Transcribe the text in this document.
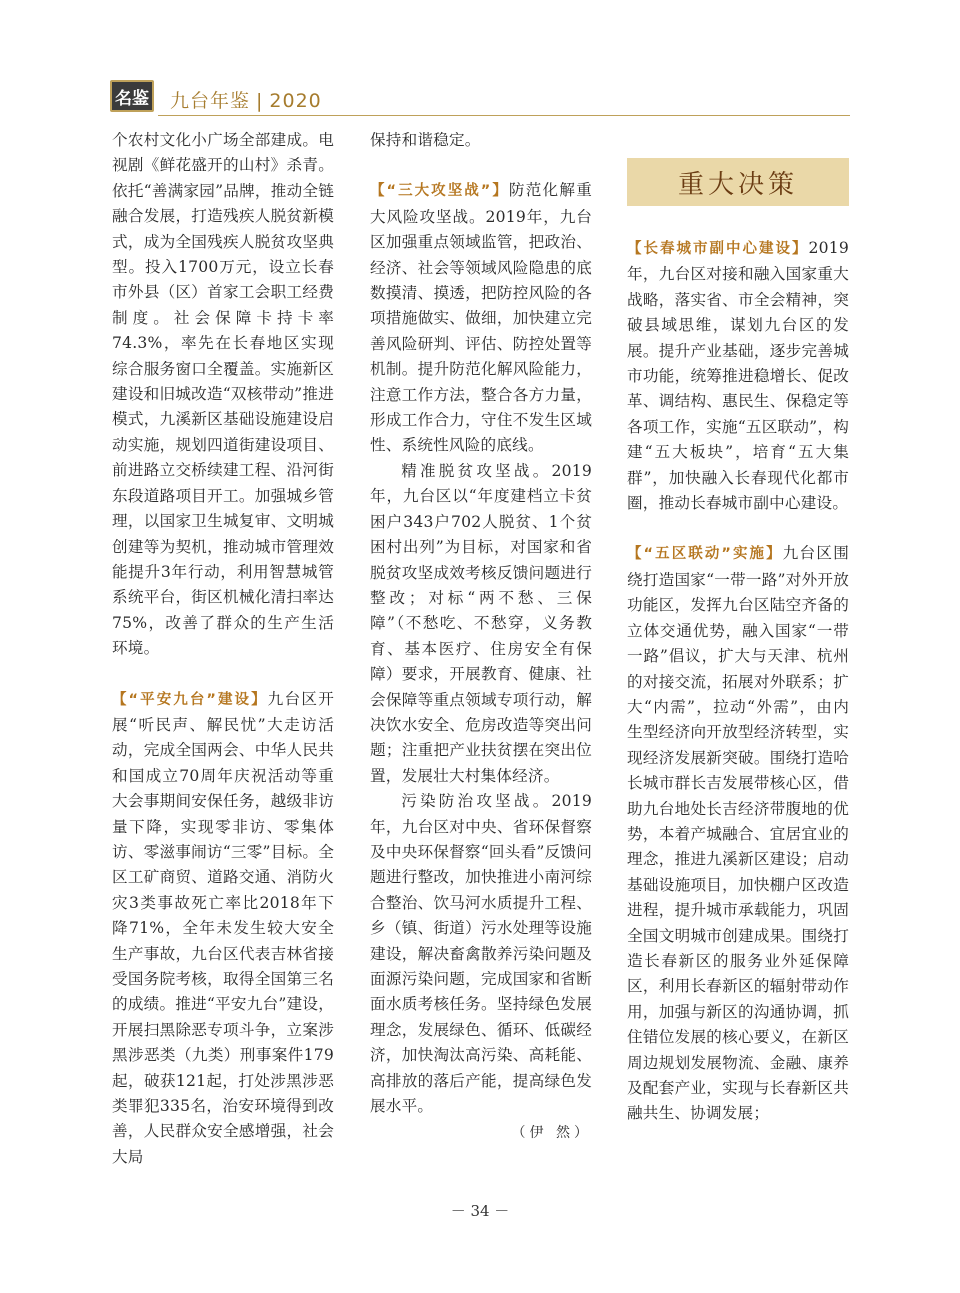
名鉴 九台年鉴 | 2020

个农村文化小广场全部建成。电视剧《鲜花盛开的山村》杀青。依托“善满家园”品牌，推动全链融合发展，打造残疾人脱贫新模式，成为全国残疾人脱贫攻坚典型。投入1700万元，设立长春市外县（区）首家工会职工经费制度。社会保障卡持卡率74.3%，率先在长春地区实现综合服务窗口全覆盖。实施新区建设和旧城改造“双核带动”推进模式，九溪新区基础设施建设启动实施，规划四道街建设项目、前进路立交桥续建工程、沿河街东段道路项目开工。加强城乡管理，以国家卫生城复审、文明城创建等为契机，推动城市管理效能提升3年行动，利用智慧城管系统平台，街区机械化清扫率达75%，改善了群众的生产生活环境。

【“平安九台”建设】九台区开展“听民声、解民忧”大走访活动，完成全国两会、中华人民共和国成立70周年庆祝活动等重大会事期间安保任务，越级非访量下降，实现零非访、零集体访、零滋事闹访“三零”目标。全区工矿商贸、道路交通、消防火灾3类事故死亡率比2018年下降71%，全年未发生较大安全生产事故，九台区代表吉林省接受国务院考核，取得全国第三名的成绩。推进“平安九台”建设，开展扫黑除恶专项斗争，立案涉黑涉恶类（九类）刑事案件179起，破获121起，打处涉黑涉恶类罪犯335名，治安环境得到改善，人民群众安全感增强，社会大局

保持和谐稳定。

【“三大攻坚战”】防范化解重大风险攻坚战。2019年，九台区加强重点领域监管，把政治、经济、社会等领域风险隐患的底数摸清、摸透，把防控风险的各项措施做实、做细，加快建立完善风险研判、评估、防控处置等机制。提升防范化解风险能力，注意工作方法，整合各方力量，形成工作合力，守住不发生区域性、系统性风险的底线。

精准脱贫攻坚战。2019年，九台区以“年度建档立卡贫困户343户702人脱贫、1个贫困村出列”为目标，对国家和省脱贫攻坚成效考核反馈问题进行整改；对标“两不愁、三保障”（不愁吃、不愁穿，义务教育、基本医疗、住房安全有保障）要求，开展教育、健康、社会保障等重点领域专项行动，解决饮水安全、危房改造等突出问题；注重把产业扶贫摆在突出位置，发展壮大村集体经济。

污染防治攻坚战。2019年，九台区对中央、省环保督察及中央环保督察“回头看”反馈问题进行整改，加快推进小南河综合整治、饮马河水质提升工程、乡（镇、街道）污水处理等设施建设，解决畜禽散养污染问题及面源污染问题，完成国家和省断面水质考核任务。坚持绿色发展理念，发展绿色、循环、低碳经济，加快淘汰高污染、高耗能、高排放的落后产能，提高绿色发展水平。

（伊 然）
重大决策

【长春城市副中心建设】2019年，九台区对接和融入国家重大战略，落实省、市全会精神，突破县域思维，谋划九台区的发展。提升产业基础，逐步完善城市功能，统筹推进稳增长、促改革、调结构、惠民生、保稳定等各项工作，实施“五区联动”，构建“五大板块”，培育“五大集群”，加快融入长春现代化都市圈，推动长春城市副中心建设。

【“五区联动”实施】九台区围绕打造国家“一带一路”对外开放功能区，发挥九台区陆空齐备的立体交通优势，融入国家“一带一路”倡议，扩大与天津、杭州的对接交流，拓展对外联系；扩大“内需”，拉动“外需”，由内生型经济向开放型经济转型，实现经济发展新突破。围绕打造哈长城市群长吉发展带核心区，借助九台地处长吉经济带腹地的优势，本着产城融合、宜居宜业的理念，推进九溪新区建设；启动基础设施项目，加快棚户区改造进程，提升城市承载能力，巩固全国文明城市创建成果。围绕打造长春新区的服务业外延保障区，利用长春新区的辐射带动作用，加强与新区的沟通协调，抓住错位发展的核心要义，在新区周边规划发展物流、金融、康养及配套产业，实现与长春新区共融共生、协调发展；

－ 34 －
